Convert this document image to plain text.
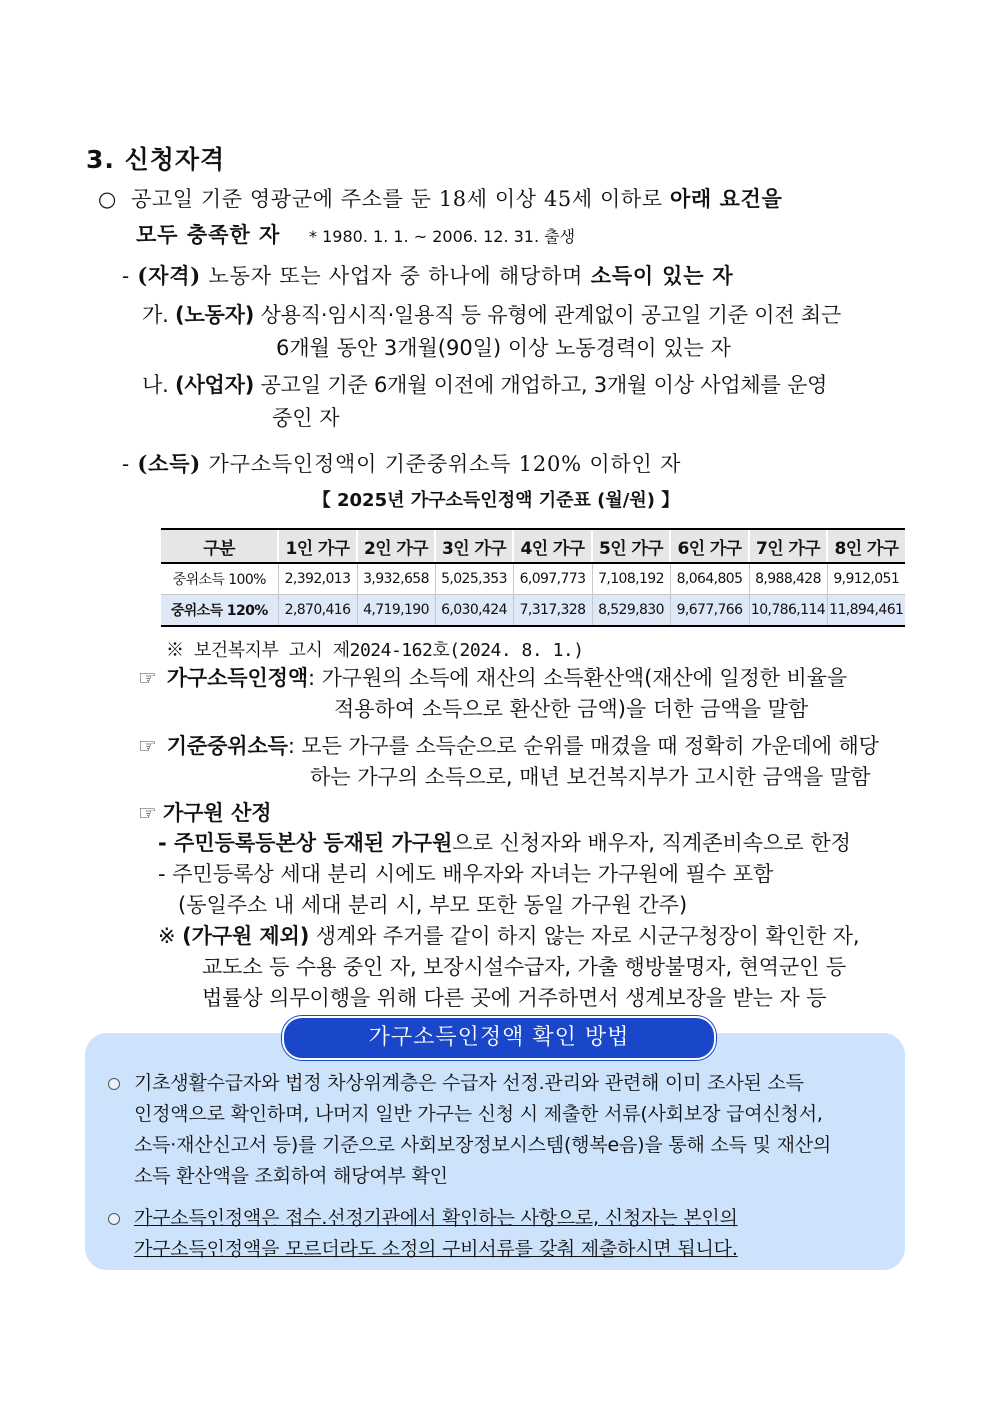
3. 신청자격
○ 공고일 기준 영광군에 주소를 둔 18세 이상 45세 이하로 아래 요건을
모두 충족한 자 * 1980. 1. 1. ~ 2006. 12. 31. 출생
- (자격) 노동자 또는 사업자 중 하나에 해당하며 소득이 있는 자
가. (노동자) 상용직·임시직·일용직 등 유형에 관계없이 공고일 기준 이전 최근
6개월 동안 3개월(90일) 이상 노동경력이 있는 자
나. (사업자) 공고일 기준 6개월 이전에 개업하고, 3개월 이상 사업체를 운영
중인 자
- (소득) 가구소득인정액이 기준중위소득 120% 이하인 자
【 2025년 가구소득인정액 기준표 (월/원) 】
구분	1인 가구	2인 가구	3인 가구	4인 가구	5인 가구	6인 가구	7인 가구	8인 가구
중위소득 100%	2,392,013	3,932,658	5,025,353	6,097,773	7,108,192	8,064,805	8,988,428	9,912,051
중위소득 120%	2,870,416	4,719,190	6,030,424	7,317,328	8,529,830	9,677,766	10,786,114	11,894,461
※ 보건복지부 고시 제2024-162호(2024. 8. 1.)
☞ 가구소득인정액: 가구원의 소득에 재산의 소득환산액(재산에 일정한 비율을
적용하여 소득으로 환산한 금액)을 더한 금액을 말함
☞ 기준중위소득: 모든 가구를 소득순으로 순위를 매겼을 때 정확히 가운데에 해당
하는 가구의 소득으로, 매년 보건복지부가 고시한 금액을 말함
☞ 가구원 산정
- 주민등록등본상 등재된 가구원으로 신청자와 배우자, 직계존비속으로 한정
- 주민등록상 세대 분리 시에도 배우자와 자녀는 가구원에 필수 포함
(동일주소 내 세대 분리 시, 부모 또한 동일 가구원 간주)
※ (가구원 제외) 생계와 주거를 같이 하지 않는 자로 시군구청장이 확인한 자,
교도소 등 수용 중인 자, 보장시설수급자, 가출 행방불명자, 현역군인 등
법률상 의무이행을 위해 다른 곳에 거주하면서 생계보장을 받는 자 등
가구소득인정액 확인 방법
기초생활수급자와 법정 차상위계층은 수급자 선정.관리와 관련해 이미 조사된 소득
인정액으로 확인하며, 나머지 일반 가구는 신청 시 제출한 서류(사회보장 급여신청서,
소득·재산신고서 등)를 기준으로 사회보장정보시스템(행복e음)을 통해 소득 및 재산의
소득 환산액을 조회하여 해당여부 확인
가구소득인정액은 접수.선정기관에서 확인하는 사항으로, 신청자는 본인의
가구소득인정액을 모르더라도 소정의 구비서류를 갖춰 제출하시면 됩니다.
